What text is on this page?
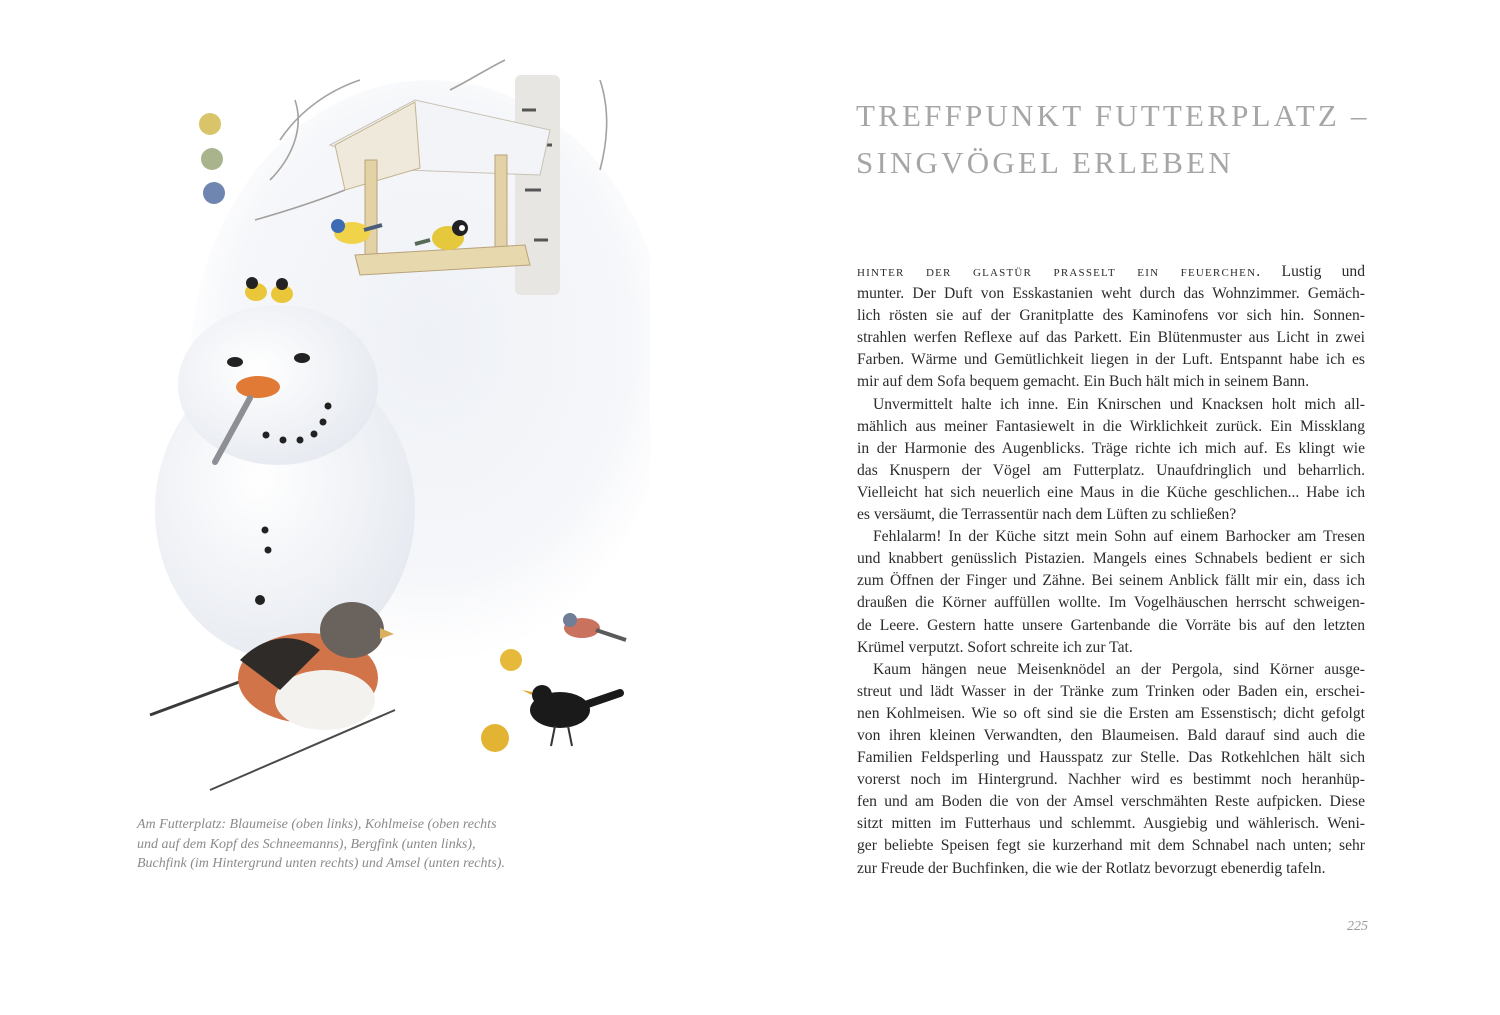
Am Futterplatz: Blaumeise (oben links), Kohlmeise (oben rechts
und auf dem Kopf des Schneemanns), Bergfink (unten links),
Buchfink (im Hintergrund unten rechts) und Amsel (unten rechts).
TREFFPUNKT FUTTERPLATZ –
SINGVÖGEL ERLEBEN
hinter der glastür prasselt ein feuerchen. Lustig und
munter. Der Duft von Esskastanien weht durch das Wohnzimmer. Gemäch-
lich rösten sie auf der Granitplatte des Kaminofens vor sich hin. Sonnen-
strahlen werfen Reflexe auf das Parkett. Ein Blütenmuster aus Licht in zwei
Farben. Wärme und Gemütlichkeit liegen in der Luft. Entspannt habe ich es
mir auf dem Sofa bequem gemacht. Ein Buch hält mich in seinem Bann.
Unvermittelt halte ich inne. Ein Knirschen und Knacksen holt mich all-
mählich aus meiner Fantasiewelt in die Wirklichkeit zurück. Ein Missklang
in der Harmonie des Augenblicks. Träge richte ich mich auf. Es klingt wie
das Knuspern der Vögel am Futterplatz. Unaufdringlich und beharrlich.
Vielleicht hat sich neuerlich eine Maus in die Küche geschlichen... Habe ich
es versäumt, die Terrassentür nach dem Lüften zu schließen?
Fehlalarm! In der Küche sitzt mein Sohn auf einem Barhocker am Tresen
und knabbert genüsslich Pistazien. Mangels eines Schnabels bedient er sich
zum Öffnen der Finger und Zähne. Bei seinem Anblick fällt mir ein, dass ich
draußen die Körner auffüllen wollte. Im Vogelhäuschen herrscht schweigen-
de Leere. Gestern hatte unsere Gartenbande die Vorräte bis auf den letzten
Krümel verputzt. Sofort schreite ich zur Tat.
Kaum hängen neue Meisenknödel an der Pergola, sind Körner ausge-
streut und lädt Wasser in der Tränke zum Trinken oder Baden ein, erschei-
nen Kohlmeisen. Wie so oft sind sie die Ersten am Essenstisch; dicht gefolgt
von ihren kleinen Verwandten, den Blaumeisen. Bald darauf sind auch die
Familien Feldsperling und Hausspatz zur Stelle. Das Rotkehlchen hält sich
vorerst noch im Hintergrund. Nachher wird es bestimmt noch heranhüp-
fen und am Boden die von der Amsel verschmähten Reste aufpicken. Diese
sitzt mitten im Futterhaus und schlemmt. Ausgiebig und wählerisch. Weni-
ger beliebte Speisen fegt sie kurzerhand mit dem Schnabel nach unten; sehr
zur Freude der Buchfinken, die wie der Rotlatz bevorzugt ebenerdig tafeln.
225
